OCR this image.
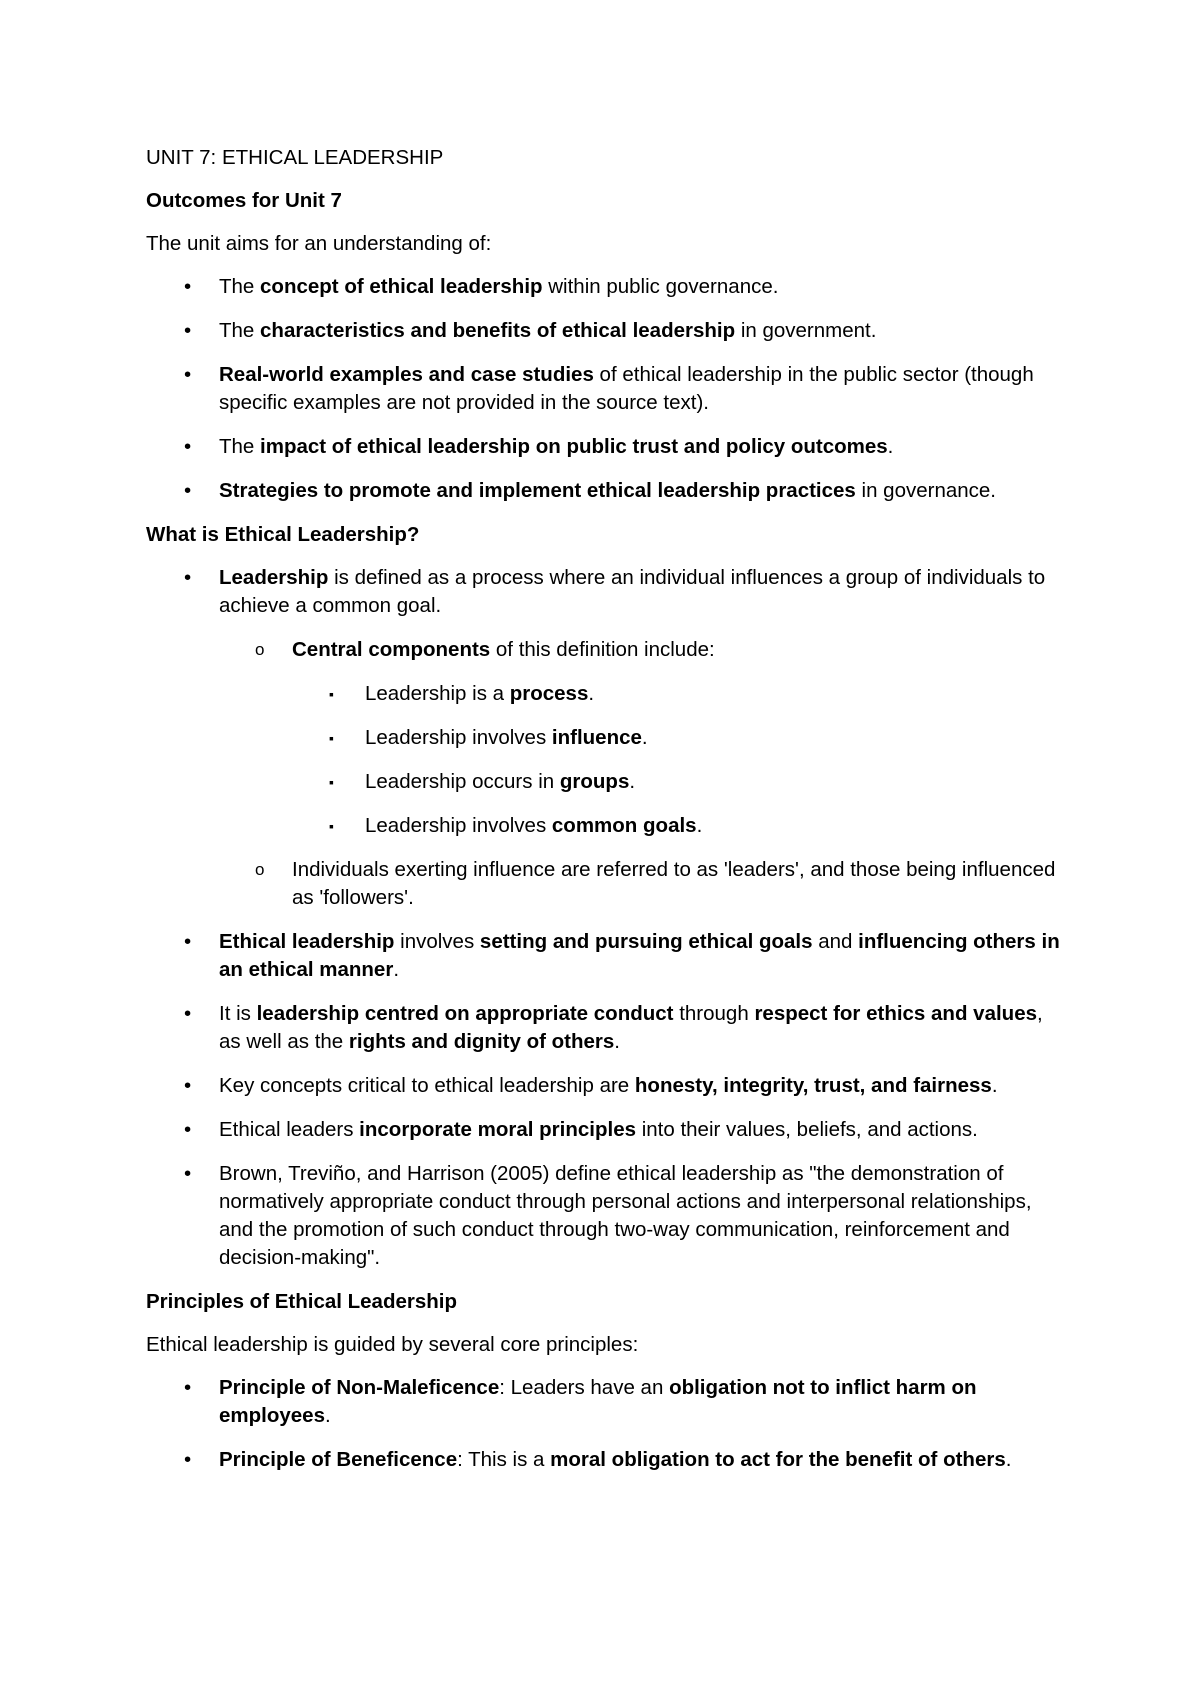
UNIT 7: ETHICAL LEADERSHIP

Outcomes for Unit 7

The unit aims for an understanding of:

• The concept of ethical leadership within public governance.
• The characteristics and benefits of ethical leadership in government.
• Real-world examples and case studies of ethical leadership in the public sector (though specific examples are not provided in the source text).
• The impact of ethical leadership on public trust and policy outcomes.
• Strategies to promote and implement ethical leadership practices in governance.

What is Ethical Leadership?

• Leadership is defined as a process where an individual influences a group of individuals to achieve a common goal.
o Central components of this definition include:
▪ Leadership is a process.
▪ Leadership involves influence.
▪ Leadership occurs in groups.
▪ Leadership involves common goals.
o Individuals exerting influence are referred to as 'leaders', and those being influenced as 'followers'.
• Ethical leadership involves setting and pursuing ethical goals and influencing others in an ethical manner.
• It is leadership centred on appropriate conduct through respect for ethics and values, as well as the rights and dignity of others.
• Key concepts critical to ethical leadership are honesty, integrity, trust, and fairness.
• Ethical leaders incorporate moral principles into their values, beliefs, and actions.
• Brown, Treviño, and Harrison (2005) define ethical leadership as "the demonstration of normatively appropriate conduct through personal actions and interpersonal relationships, and the promotion of such conduct through two-way communication, reinforcement and decision-making".

Principles of Ethical Leadership

Ethical leadership is guided by several core principles:

• Principle of Non-Maleficence: Leaders have an obligation not to inflict harm on employees.
• Principle of Beneficence: This is a moral obligation to act for the benefit of others.
